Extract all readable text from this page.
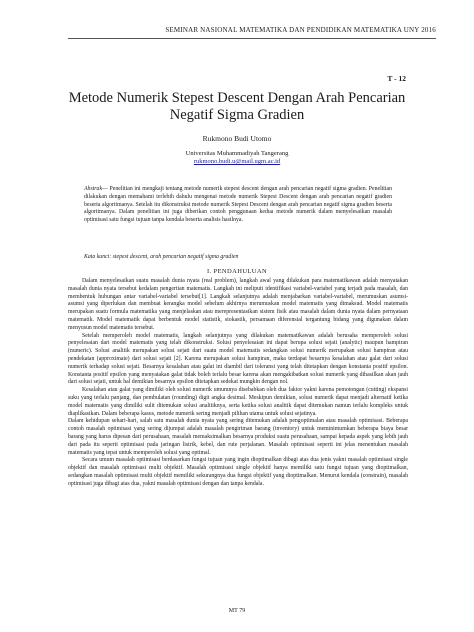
SEMINAR NASIONAL MATEMATIKA DAN PENDIDIKAN MATEMATIKA UNY 2016
T - 12
Metode Numerik Stepest Descent Dengan Arah Pencarian Negatif Sigma Gradien
Rukmono Budi Utomo
Universitas Muhammadiyah Tangerang
rukmono.budi.u@mail.ugm.ac.id
Abstrak— Penelitian ini mengkaji tentang metode numerik stepest descent dengan arah pencarian negatif sigma gradien. Penelitian dilakukan dengan memahami terlebih dahulu mengenai metode numerik Stepest Descent dengan arah pencarian negatif gradien beserta algoritmanya. Setelah itu dikonstruksi metode numerik Stepest Descent dengan arah pencarian negatif sigma gradien beserta algoritmanya. Dalam penelitian ini juga diberikan contoh penggunaan kedua metode numerik dalam menyelesaikan masalah optimisasi satu fungsi tujuan tanpa kendala beserta analisis hasilnya.
Kata kunci: stepest descent, arah pencarian negatif sigma gradien
I. PENDAHULUAN

Dalam menyelesaikan suatu masalah dunia nyata (real problem), langkah awal yang dilakukan para matematikawan adalah menyatakan masalah dunia nyata tersebut kedalam pengertian matematis. Langkah ini meliputi identifikasi variabel-variabel yang terjadi pada masalah, dan membentuk hubungan antar variabel-variabel tersebut[1]. Langkah selanjutnya adalah menjabarkan variabel-variabel, merumuskan asumsi-asumsi yang diperlukan dan membuat kerangka model sebelum akhirnya merumuskan model matematis yang dimaksud. Model matematis merupakan suatu formula matematika yang menjelaskan atau merepresentasikan sistem fisik atau masalah dalam dunia nyata dalam pernyataan matematik. Model matematik dapat berbentuk model statistik, stokastik, persamaan diferensial tergantung bidang yang digunakan dalam menyusun model matematis tersebut.

Setelah memperoleh model matematis, langkah selanjutnya yang dilakukan matematikawan adalah berusaha memperoleh solusi penyelesaian dari model matematis yang telah dikonstruksi. Solusi penyelesaian ini dapat berupa solusi sejati (analytic) maupun hampiran (numeric). Solusi analitik merupakan solusi sejati dari suatu model matematis sedangkan solusi numerik merupakan solusi hampiran atau pendekatan (approximate) dari solusi sejati [2]. Karena merupakan solusi hampiran, maka terdapat besarnya kesalahan atau galat dari solusi numerik terhadap solusi sejati. Besarnya kesalahan atau galat ini diambil dari toleransi yang telah ditetapkan dengan konstanta positif epsilon. Konstanta positif epsilon yang menyatakan galat tidak boleh terlalu besar karena akan mengakibatkan solusi numerik yang dihasilkan akan jauh dari solusi sejati, untuk hal demikian besarnya epsilon ditetapkan sedekat mungkin dengan nol.

Kesalahan atau galat yang dimiliki oleh solusi numerik umumnya disebabkan oleh dua faktor yakni karena pemotongan (cutting) ekspansi suku yang terlalu panjang, dan pembulatan (rounding) digit angka desimal. Meskipun demikian, solusi numerik dapat menjadi alternatif ketika model matematis yang dimiliki sulit ditemukan solusi analitiknya, serta ketika solusi analitik dapat ditemukan namun terlalu kompleks untuk diaplikasikan. Dalam beberapa kasus, metode numerik sering menjadi pilihan utama untuk solusi sejatinya.

Dalam kehidupan sehari-hari, salah satu masalah dunia nyata yang sering ditemukan adalah pengoptimalan atau masalah optimisasi. Beberapa contoh masalah optimisasi yang sering dijumpai adalah masalah pengiriman barang (inventory) untuk meminimumkan beberapa biaya besar barang yang harus dipesan dari perusahaan, masalah memaksimalkan besarnya produksi suatu perusahaan, sampai kepada aspek yang lebih jauh dari pada itu seperti optimisasi pada jaringan listrik, kebel, dan rute perjalanan. Masalah optimisasi seperti ini jelas menentukan masalah matematis yang tepat untuk memperoleh solusi yang optimal.

Secara umum masalah optimisasi berdasarkan fungsi tujuan yang ingin dioptimalkan dibagi atas dua jenis yakni masalah optimisasi single objektif dan masalah optimisasi multi objektif. Masalah optimisasi single objektif hanya memiliki satu fungsi tujuan yang dioptimalkan, sedangkan masalah optimisasi multi objektif memiliki sekurangnya dua fungsi objektif yang dioptimalkan. Menurut kendala (constrain), masalah optimisasi juga dibagi atas dua, yakni masalah optimisasi dengan dan tanpa kendala.

MT 79
